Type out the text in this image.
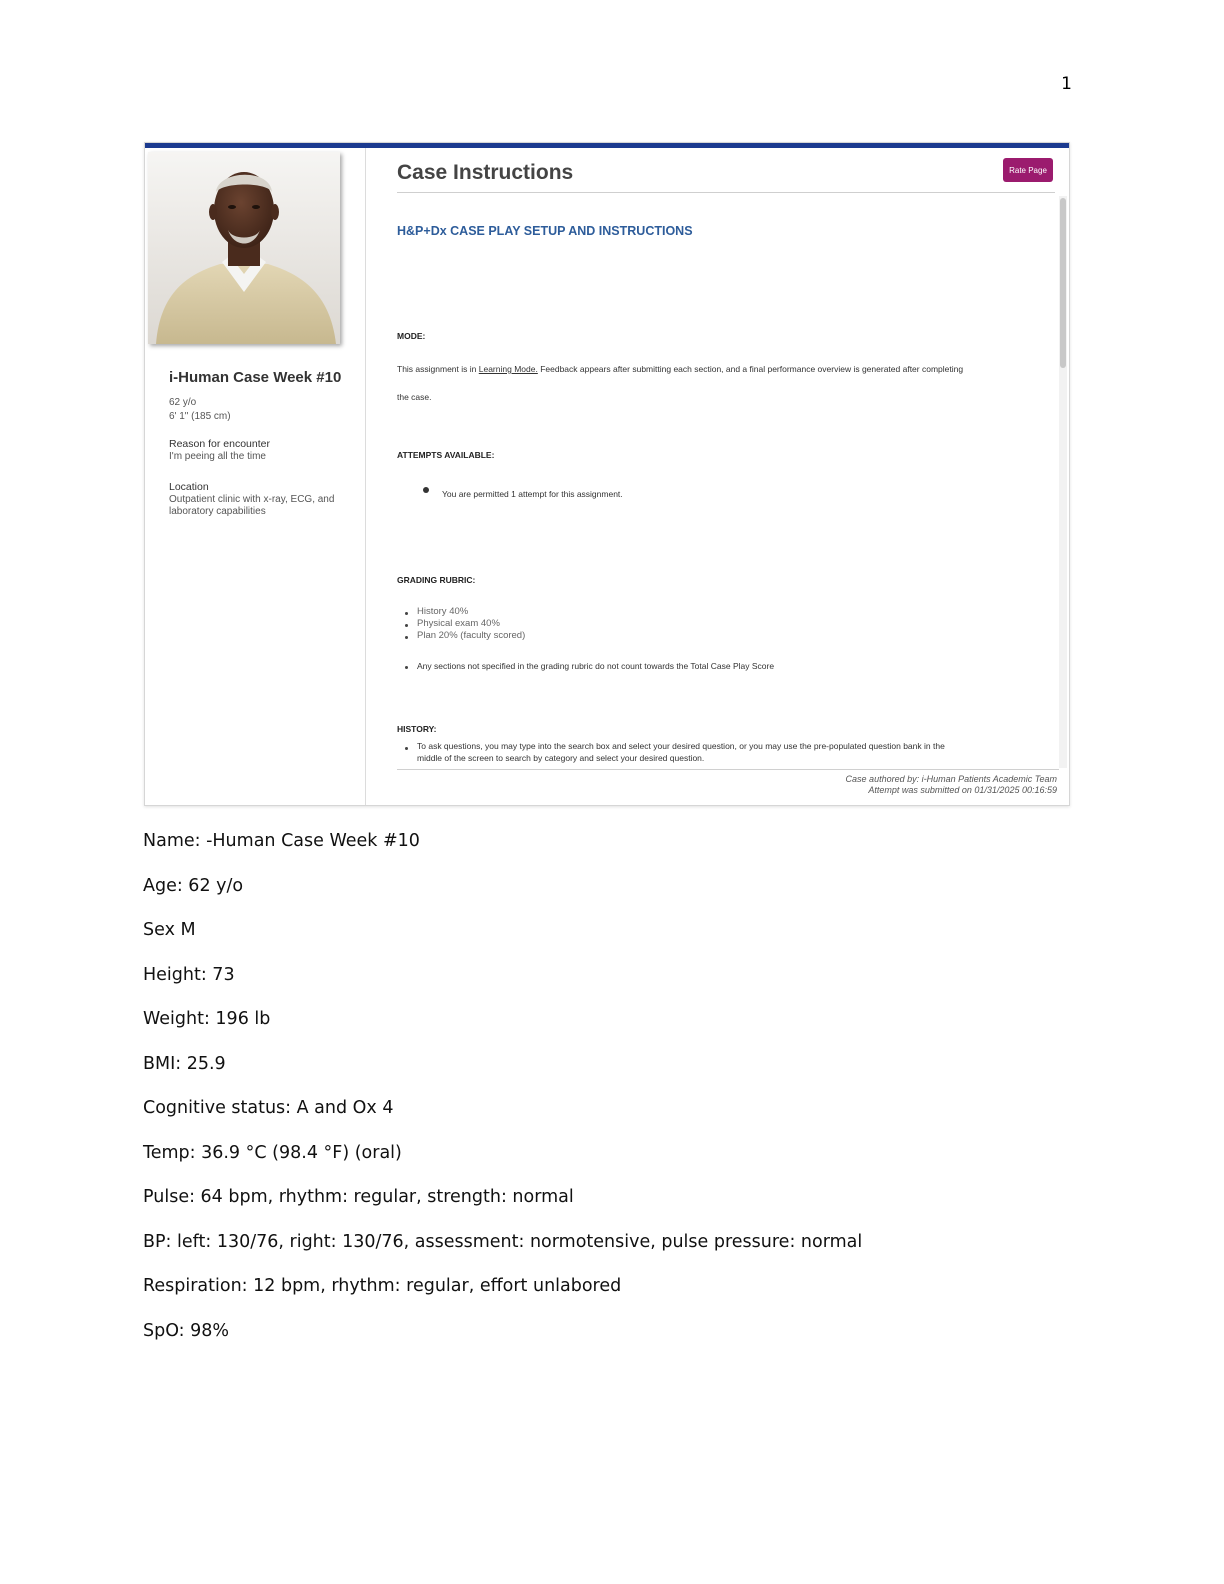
1
i-Human Case Week #10
62 y/o
6' 1" (185 cm)
Reason for encounter
I'm peeing all the time
Location
Outpatient clinic with x-ray, ECG, and laboratory capabilities
Case Instructions	Rate Page
H&P+Dx CASE PLAY SETUP AND INSTRUCTIONS
MODE:
This assignment is in Learning Mode. Feedback appears after submitting each section, and a final performance overview is generated after completing
the case.
ATTEMPTS AVAILABLE:
You are permitted 1 attempt for this assignment.
GRADING RUBRIC:
History 40%
Physical exam 40%
Plan 20% (faculty scored)
Any sections not specified in the grading rubric do not count towards the Total Case Play Score
HISTORY:
To ask questions, you may type into the search box and select your desired question, or you may use the pre-populated question bank in the
middle of the screen to search by category and select your desired question.
Case authored by: i-Human Patients Academic Team
Attempt was submitted on 01/31/2025 00:16:59
Name: -Human Case Week #10
Age: 62 y/o
Sex M
Height: 73
Weight: 196 lb
BMI: 25.9
Cognitive status: A and Ox 4
Temp: 36.9 °C (98.4 °F) (oral)
Pulse: 64 bpm, rhythm: regular, strength: normal
BP: left: 130/76, right: 130/76, assessment: normotensive, pulse pressure: normal
Respiration: 12 bpm, rhythm: regular, effort unlabored
SpO: 98%
